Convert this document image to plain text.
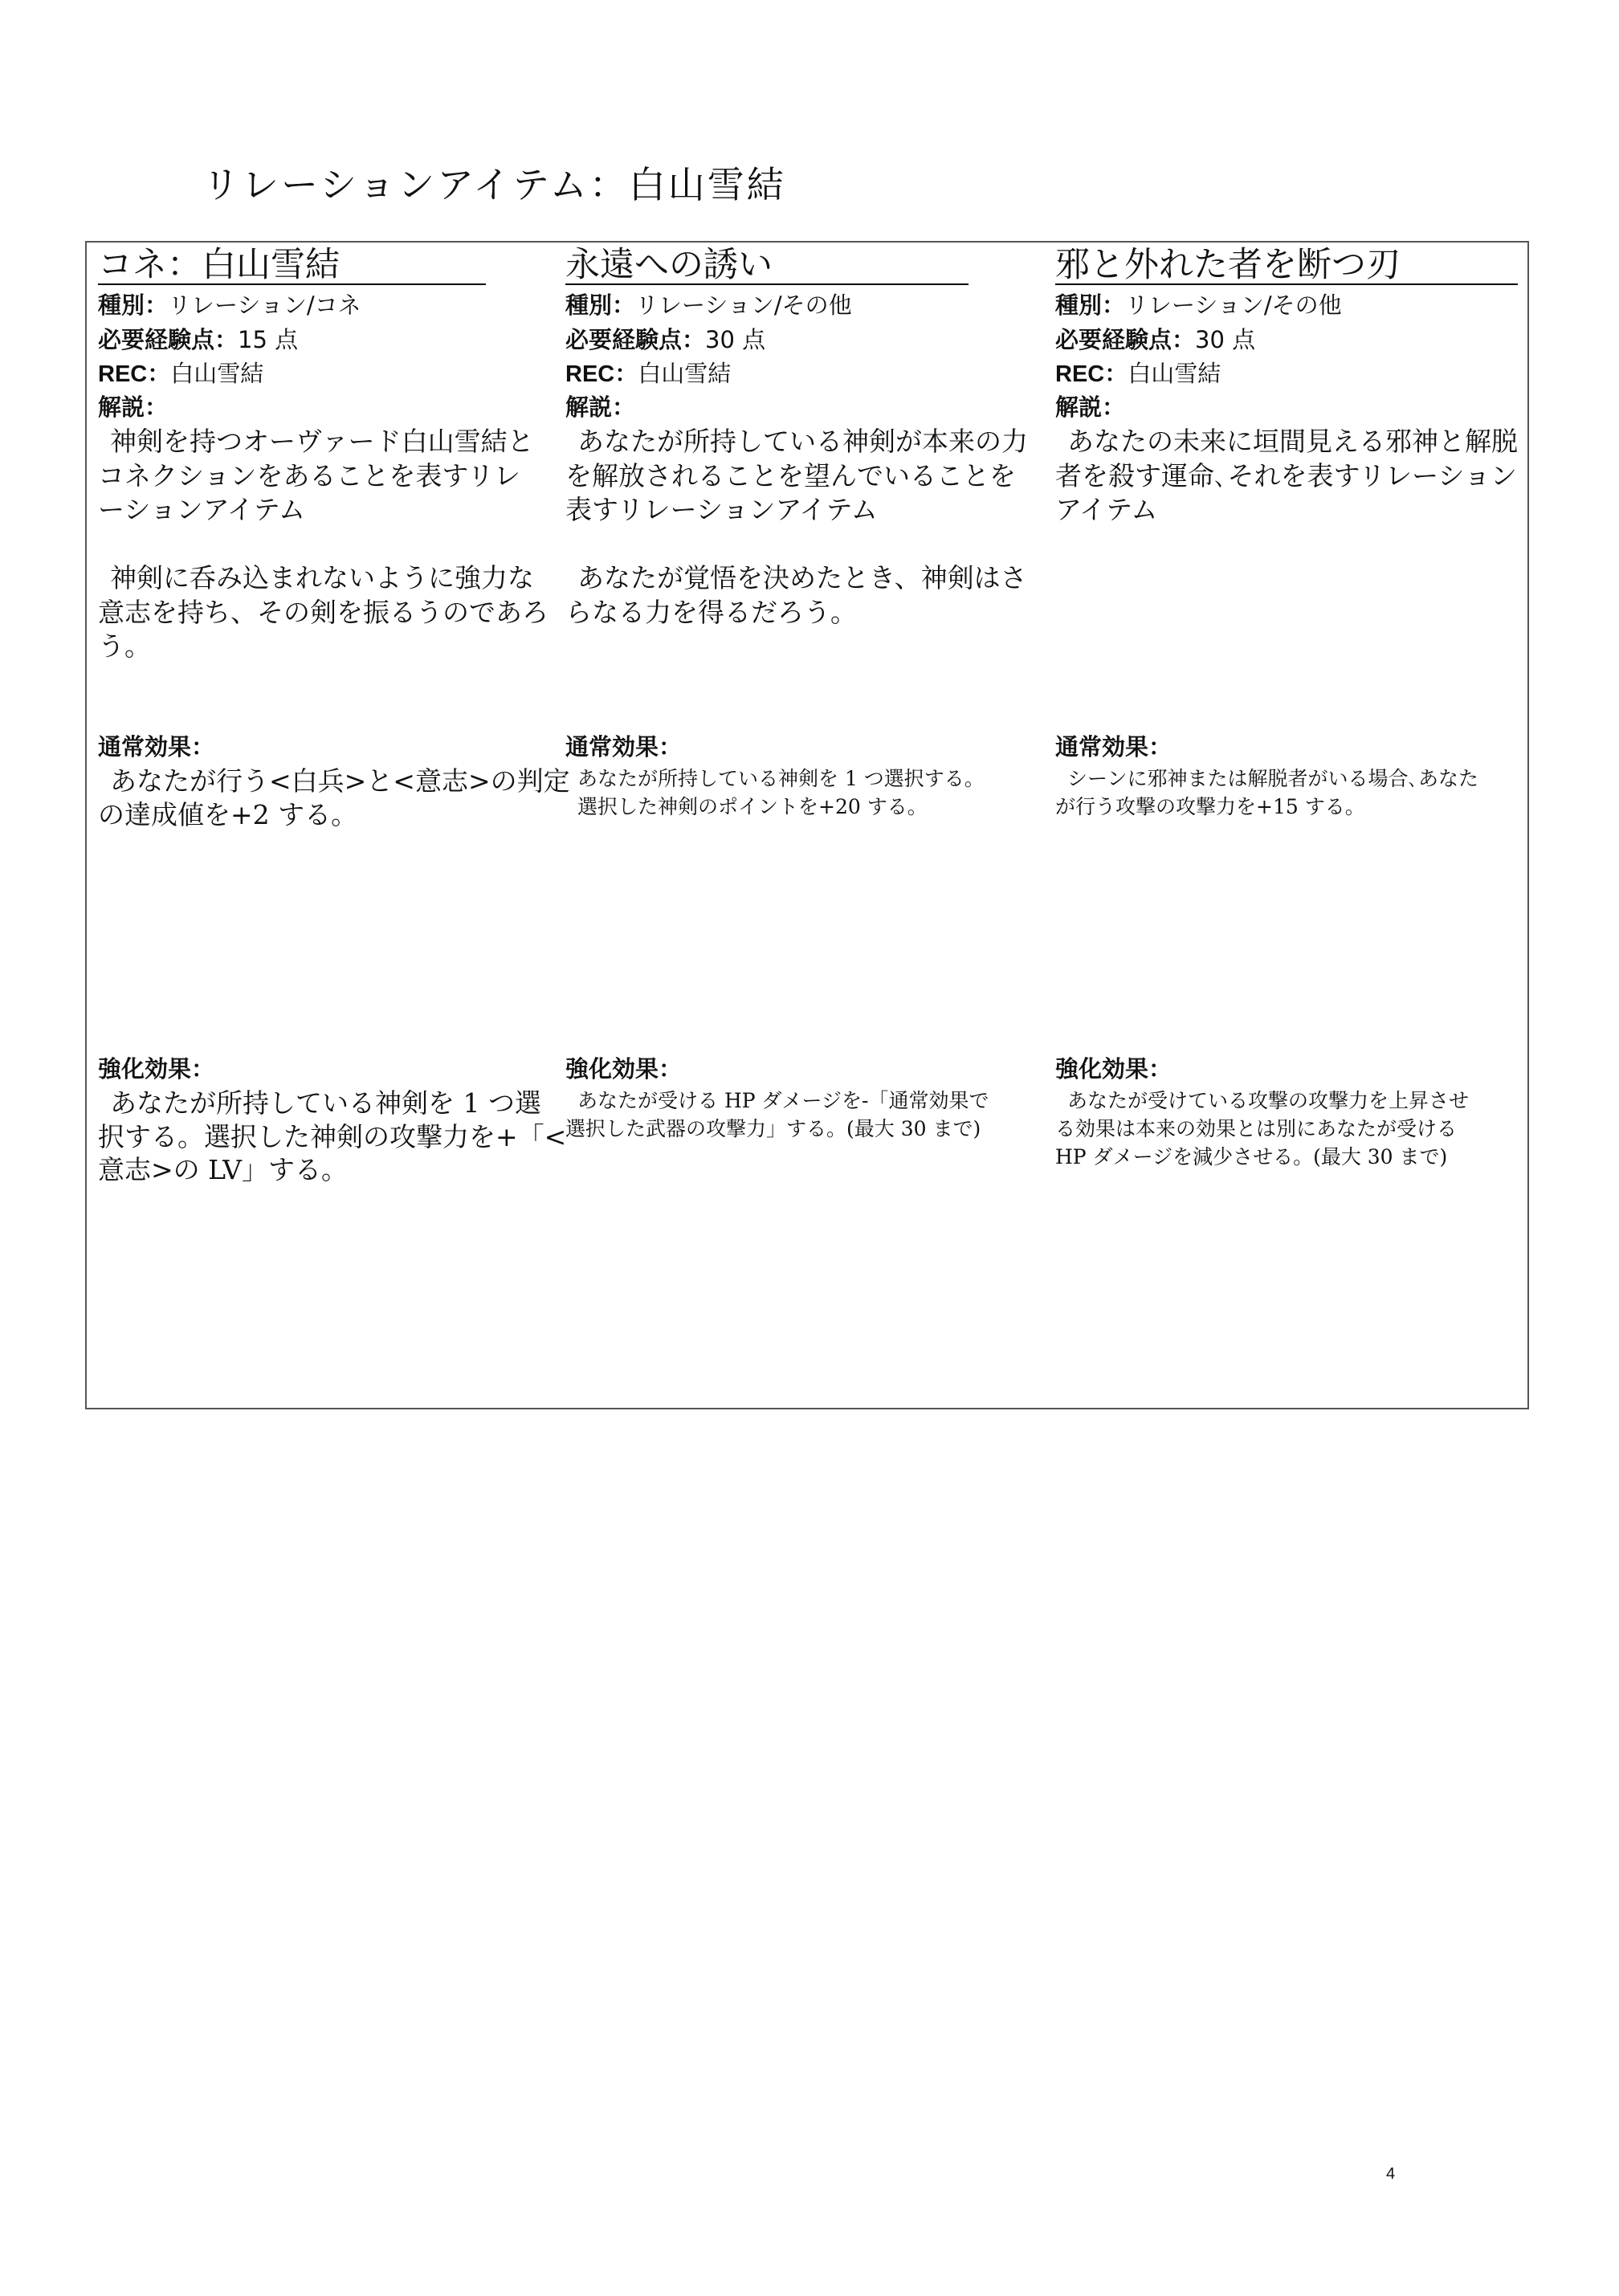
リレーションアイテム：白山雪結
コネ：白山雪結
種別：リレーション/コネ
必要経験点：15 点
REC：白山雪結
解説：
神剣を持つオーヴァード白山雪結と
コネクションをあることを表すリレ
ーションアイテム
神剣に呑み込まれないように強力な
意志を持ち、その剣を振るうのであろ
う。
通常効果：
あなたが行う<白兵>と<意志>の判定
の達成値を+2 する。
強化効果：
あなたが所持している神剣を 1 つ選
択する。選択した神剣の攻撃力を+「<
意志>の LV」する。
永遠への誘い
種別：リレーション/その他
必要経験点：30 点
REC：白山雪結
解説：
あなたが所持している神剣が本来の力
を解放されることを望んでいることを
表すリレーションアイテム
あなたが覚悟を決めたとき、神剣はさ
らなる力を得るだろう。
通常効果：
あなたが所持している神剣を 1 つ選択する。
選択した神剣のポイントを+20 する。
強化効果：
あなたが受ける HP ダメージを-「通常効果で
選択した武器の攻撃力」する。(最大 30 まで)
邪と外れた者を断つ刃
種別：リレーション/その他
必要経験点：30 点
REC：白山雪結
解説：
あなたの未来に垣間見える邪神と解脱
者を殺す運命､それを表すリレーション
アイテム
通常効果：
シーンに邪神または解脱者がいる場合､あなた
が行う攻撃の攻撃力を+15 する。
強化効果：
あなたが受けている攻撃の攻撃力を上昇させ
る効果は本来の効果とは別にあなたが受ける
HP ダメージを減少させる。(最大 30 まで)
4
